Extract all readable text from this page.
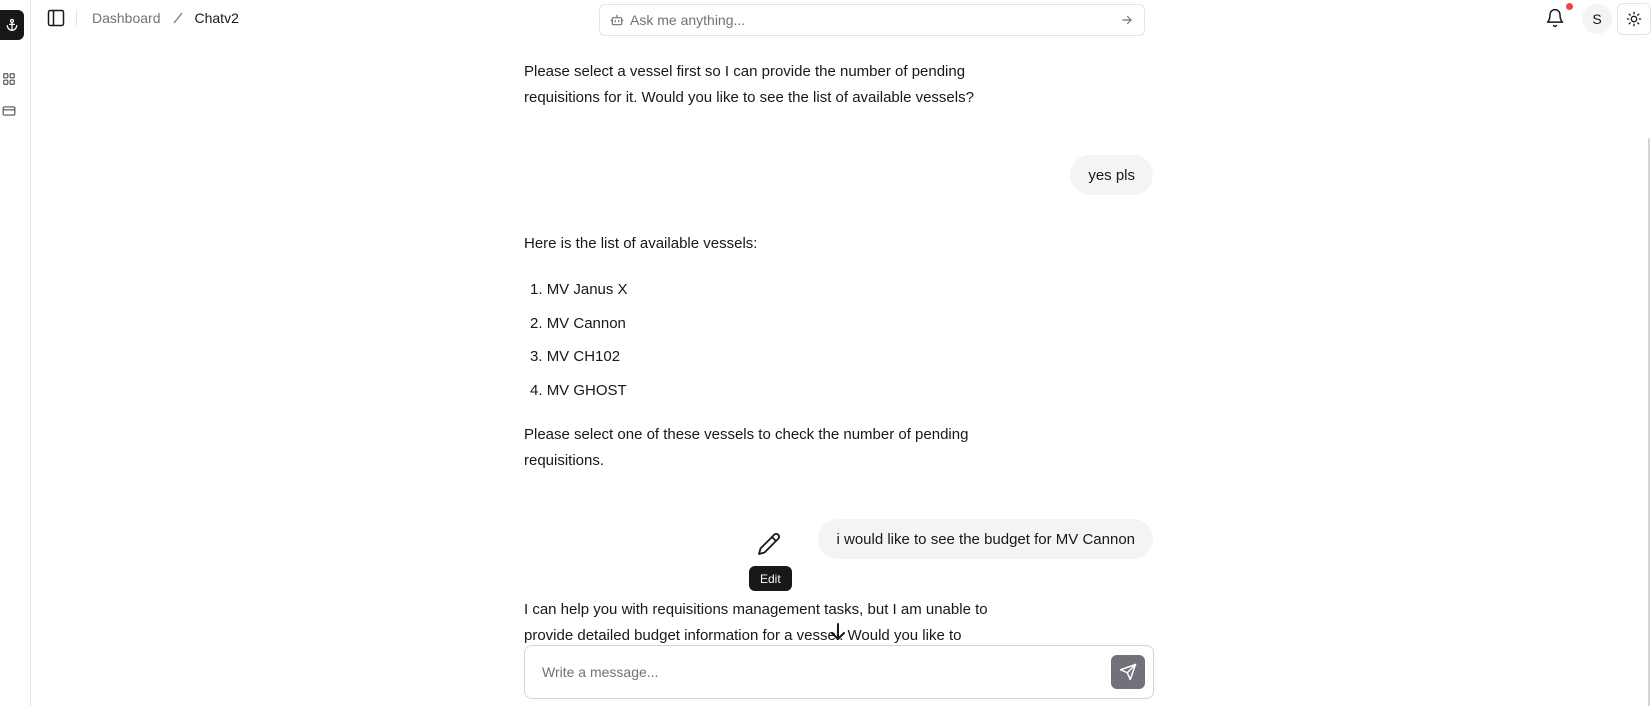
Dashboard Chatv2
Ask me anything...	S
Please select a vessel first so I can provide the number of pending requisitions for it. Would you like to see the list of available vessels?
yes pls
Here is the list of available vessels:
1. MV Janus X
2. MV Cannon
3. MV CH102
4. MV GHOST
Please select one of these vessels to check the number of pending requisitions.
Edit
i would like to see the budget for MV Cannon
I can help you with requisitions management tasks, but I am unable to provide detailed budget information for a vessel. Would you like to
Write a message...
